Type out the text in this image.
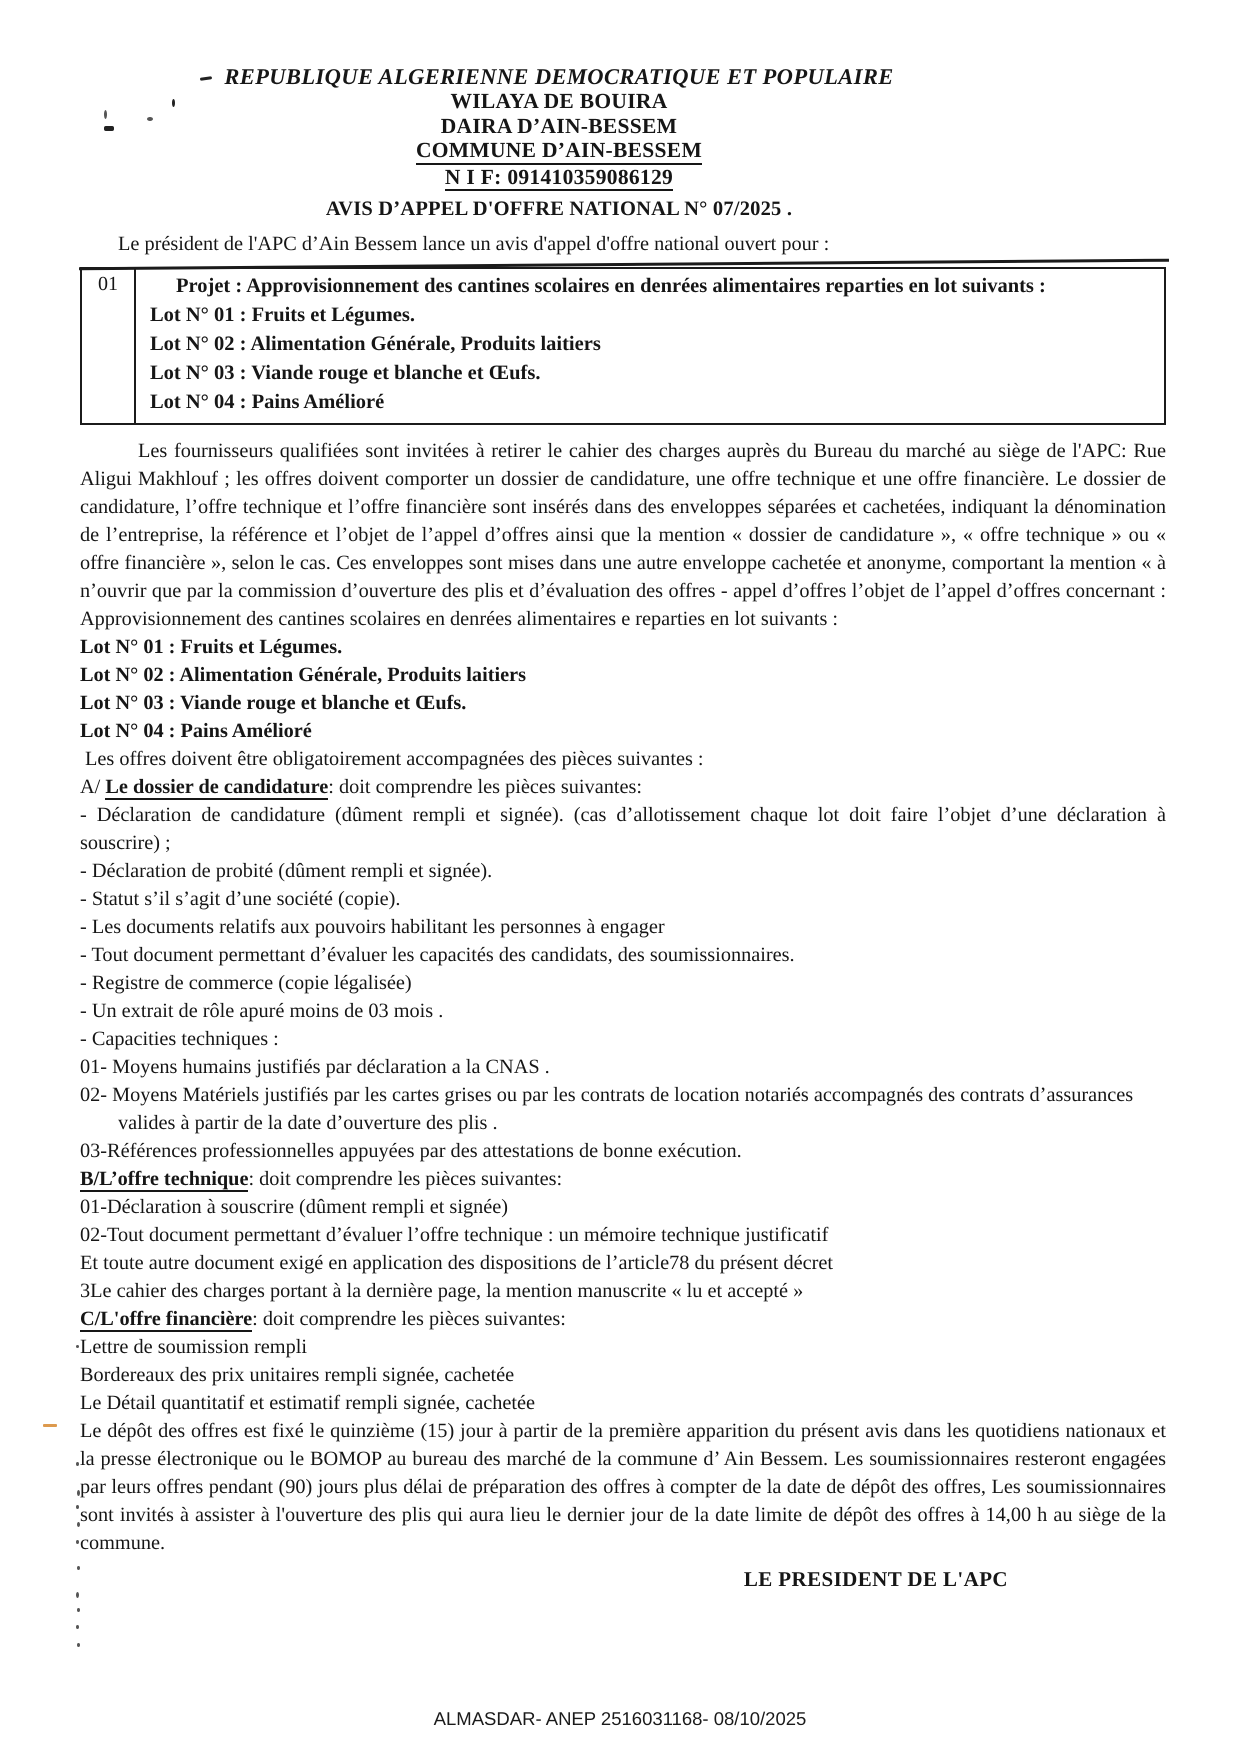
REPUBLIQUE ALGERIENNE DEMOCRATIQUE ET POPULAIRE
WILAYA DE BOUIRA
DAIRA D’AIN-BESSEM
COMMUNE D’AIN-BESSEM
N I F: 091410359086129
AVIS D’APPEL D'OFFRE NATIONAL N° 07/2025 .
Le président de l'APC d’Ain Bessem lance un avis d'appel d'offre national ouvert pour :
01	Projet : Approvisionnement des cantines scolaires en denrées alimentaires reparties en lot suivants :
Lot N° 01 : Fruits et Légumes.
Lot N° 02 : Alimentation Générale, Produits laitiers
Lot N° 03 : Viande rouge et blanche et Œufs.
Lot N° 04 : Pains Amélioré
Les fournisseurs qualifiées sont invitées à retirer le cahier des charges auprès du Bureau du marché au siège de l'APC: Rue Aligui Makhlouf ; les offres doivent comporter un dossier de candidature, une offre technique et une offre financière. Le dossier de candidature, l’offre technique et l’offre financière sont insérés dans des enveloppes séparées et cachetées, indiquant la dénomination de l’entreprise, la référence et l’objet de l’appel d’offres ainsi que la mention « dossier de candidature », « offre technique » ou « offre financière », selon le cas. Ces enveloppes sont mises dans une autre enveloppe cachetée et anonyme, comportant la mention « à n’ouvrir que par la commission d’ouverture des plis et d’évaluation des offres - appel d’offres l’objet de l’appel d’offres concernant : Approvisionnement des cantines scolaires en denrées alimentaires e reparties en lot suivants :
Lot N° 01 : Fruits et Légumes.
Lot N° 02 : Alimentation Générale, Produits laitiers
Lot N° 03 : Viande rouge et blanche et Œufs.
Lot N° 04 : Pains Amélioré
Les offres doivent être obligatoirement accompagnées des pièces suivantes :
A/ Le dossier de candidature: doit comprendre les pièces suivantes:
- Déclaration de candidature (dûment rempli et signée). (cas d’allotissement chaque lot doit faire l’objet d’une déclaration à souscrire) ;
- Déclaration de probité (dûment rempli et signée).
- Statut s’il s’agit d’une société (copie).
- Les documents relatifs aux pouvoirs habilitant les personnes à engager
- Tout document permettant d’évaluer les capacités des candidats, des soumissionnaires.
- Registre de commerce (copie légalisée)
- Un extrait de rôle apuré moins de 03 mois .
- Capacities techniques :
01- Moyens humains justifiés par déclaration a la CNAS .
02- Moyens Matériels justifiés par les cartes grises ou par les contrats de location notariés accompagnés des contrats d’assurances valides à partir de la date d’ouverture des plis .
03-Références professionnelles appuyées par des attestations de bonne exécution.
B/L’offre technique: doit comprendre les pièces suivantes:
01-Déclaration à souscrire (dûment rempli et signée)
02-Tout document permettant d’évaluer l’offre technique : un mémoire technique justificatif
Et toute autre document exigé en application des dispositions de l’article78 du présent décret
3Le cahier des charges portant à la dernière page, la mention manuscrite « lu et accepté »
C/L'offre financière: doit comprendre les pièces suivantes:
Lettre de soumission rempli
Bordereaux des prix unitaires rempli signée, cachetée
Le Détail quantitatif et estimatif rempli signée, cachetée
Le dépôt des offres est fixé le quinzième (15) jour à partir de la première apparition du présent avis dans les quotidiens nationaux et la presse électronique ou le BOMOP au bureau des marché de la commune d’ Ain Bessem. Les soumissionnaires resteront engagées par leurs offres pendant (90) jours plus délai de préparation des offres à compter de la date de dépôt des offres, Les soumissionnaires sont invités à assister à l'ouverture des plis qui aura lieu le dernier jour de la date limite de dépôt des offres à 14,00 h au siège de la commune.
LE PRESIDENT DE L'APC
ALMASDAR- ANEP 2516031168- 08/10/2025
